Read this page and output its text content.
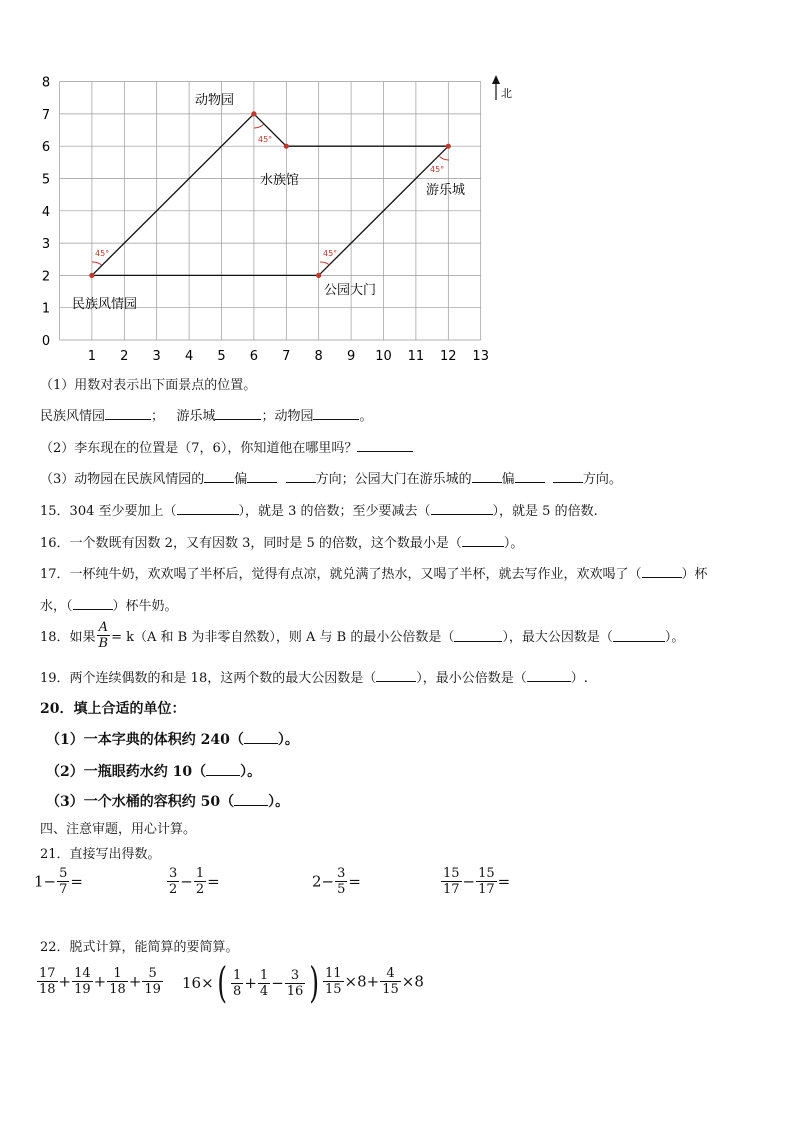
1 2 3 4 5 6 7 8 9 10 11 12 13
0
1
2
3
4
5
6
7
8
北
动物园
水族馆
游乐城
民族风情园
公园大门
45°	45°
45°
45°
（1）用数对表示出下面景点的位置。
民族风情园	； 游乐城	；动物园	。
（2）李东现在的位置是（7，6），你知道他在哪里吗？
（3）动物园在民族风情园的 偏	方向；公园大门在游乐城的 偏	方向。
15．304 至少要加上（	），就是 3 的倍数；至少要减去（	），就是 5 的倍数.
16．一个数既有因数 2，又有因数 3，同时是 5 的倍数，这个数最小是（	）。
17．一杯纯牛奶，欢欢喝了半杯后，觉得有点凉，就兑满了热水，又喝了半杯，就去写作业，欢欢喝了（	）杯
水，（	）杯牛奶。
18．如果 $\frac{A}{B} = k(A$ 和 B 为非零自然数），则 A 与 B 的最小公倍数是（	），最大公因数是（	）。
19．两个连续偶数的和是 18，这两个数的最大公因数是（	），最小公倍数是（	）.
20．填上合适的单位：
（1）一本字典的体积约 240（ ）。
（2）一瓶眼药水约 10（ ）。
（3）一个水桶的容积约 50（ ）。
四、注意审题，用心计算。
21．直接写出得数。
$1- \frac{5}{7}$ =	$\frac{3}{2} - \frac{1}{2}$ =	$2- \frac{3}{5}$ =	$\frac{15}{17} - \frac{15}{17}$ =
22．脱式计算，能简算的要简算。
$\frac{17}{18} + \frac{14}{19} + \frac{1}{18} + \frac{5}{19} 16\times( \frac{1}{8} + \frac{1}{4} - \frac{3}{16}$ ) $\frac{11}{15} \times 8+ \frac{4}{15} \times 8$
